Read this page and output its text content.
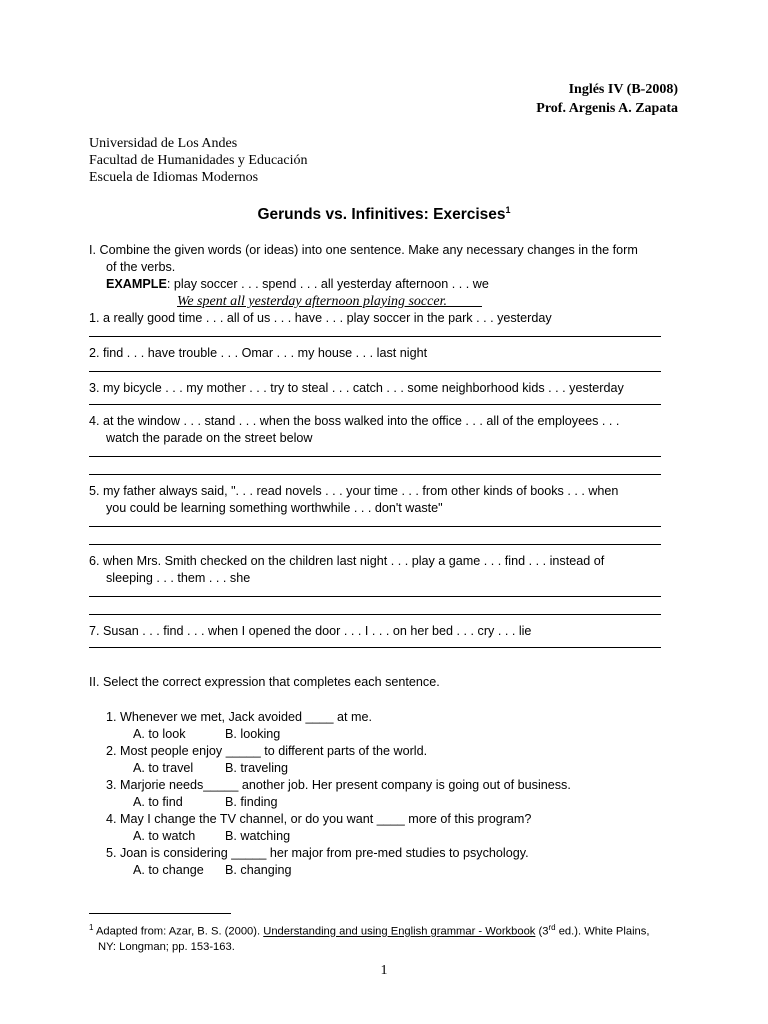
Inglés IV (B-2008)
Prof. Argenis A. Zapata
Universidad de Los Andes
Facultad de Humanidades y Educación
Escuela de Idiomas Modernos
Gerunds vs. Infinitives: Exercises$^1$
I. Combine the given words (or ideas) into one sentence. Make any necessary changes in the form
of the verbs.
EXAMPLE: play soccer . . . spend . . . all yesterday afternoon . . . we
We spent all yesterday afternoon playing soccer.
1. a really good time . . . all of us . . . have . . . play soccer in the park . . . yesterday
2. find . . . have trouble . . . Omar . . . my house . . . last night
3. my bicycle . . . my mother . . . try to steal . . . catch . . . some neighborhood kids . . . yesterday
4. at the window . . . stand . . . when the boss walked into the office . . . all of the employees . . .
watch the parade on the street below
5. my father always said, ". . . read novels . . . your time . . . from other kinds of books . . . when
you could be learning something worthwhile . . . don't waste"
6. when Mrs. Smith checked on the children last night . . . play a game . . . find . . . instead of
sleeping . . . them . . . she
7. Susan . . . find . . . when I opened the door . . . I . . . on her bed . . . cry . . . lie
II. Select the correct expression that completes each sentence.
1. Whenever we met, Jack avoided ____ at me.
A. to look	B. looking
2. Most people enjoy _____ to different parts of the world.
A. to travel	B. traveling
3. Marjorie needs_____ another job. Her present company is going out of business.
A. to find	B. finding
4. May I change the TV channel, or do you want ____ more of this program?
A. to watch B. watching
5. Joan is considering _____ her major from pre-med studies to psychology.
A. to change B. changing
$^1$ Adapted from: Azar, B. S. (2000). Understanding and using English grammar - Workbook (3rd ed.). White Plains,
NY: Longman; pp. 153-163.
1
